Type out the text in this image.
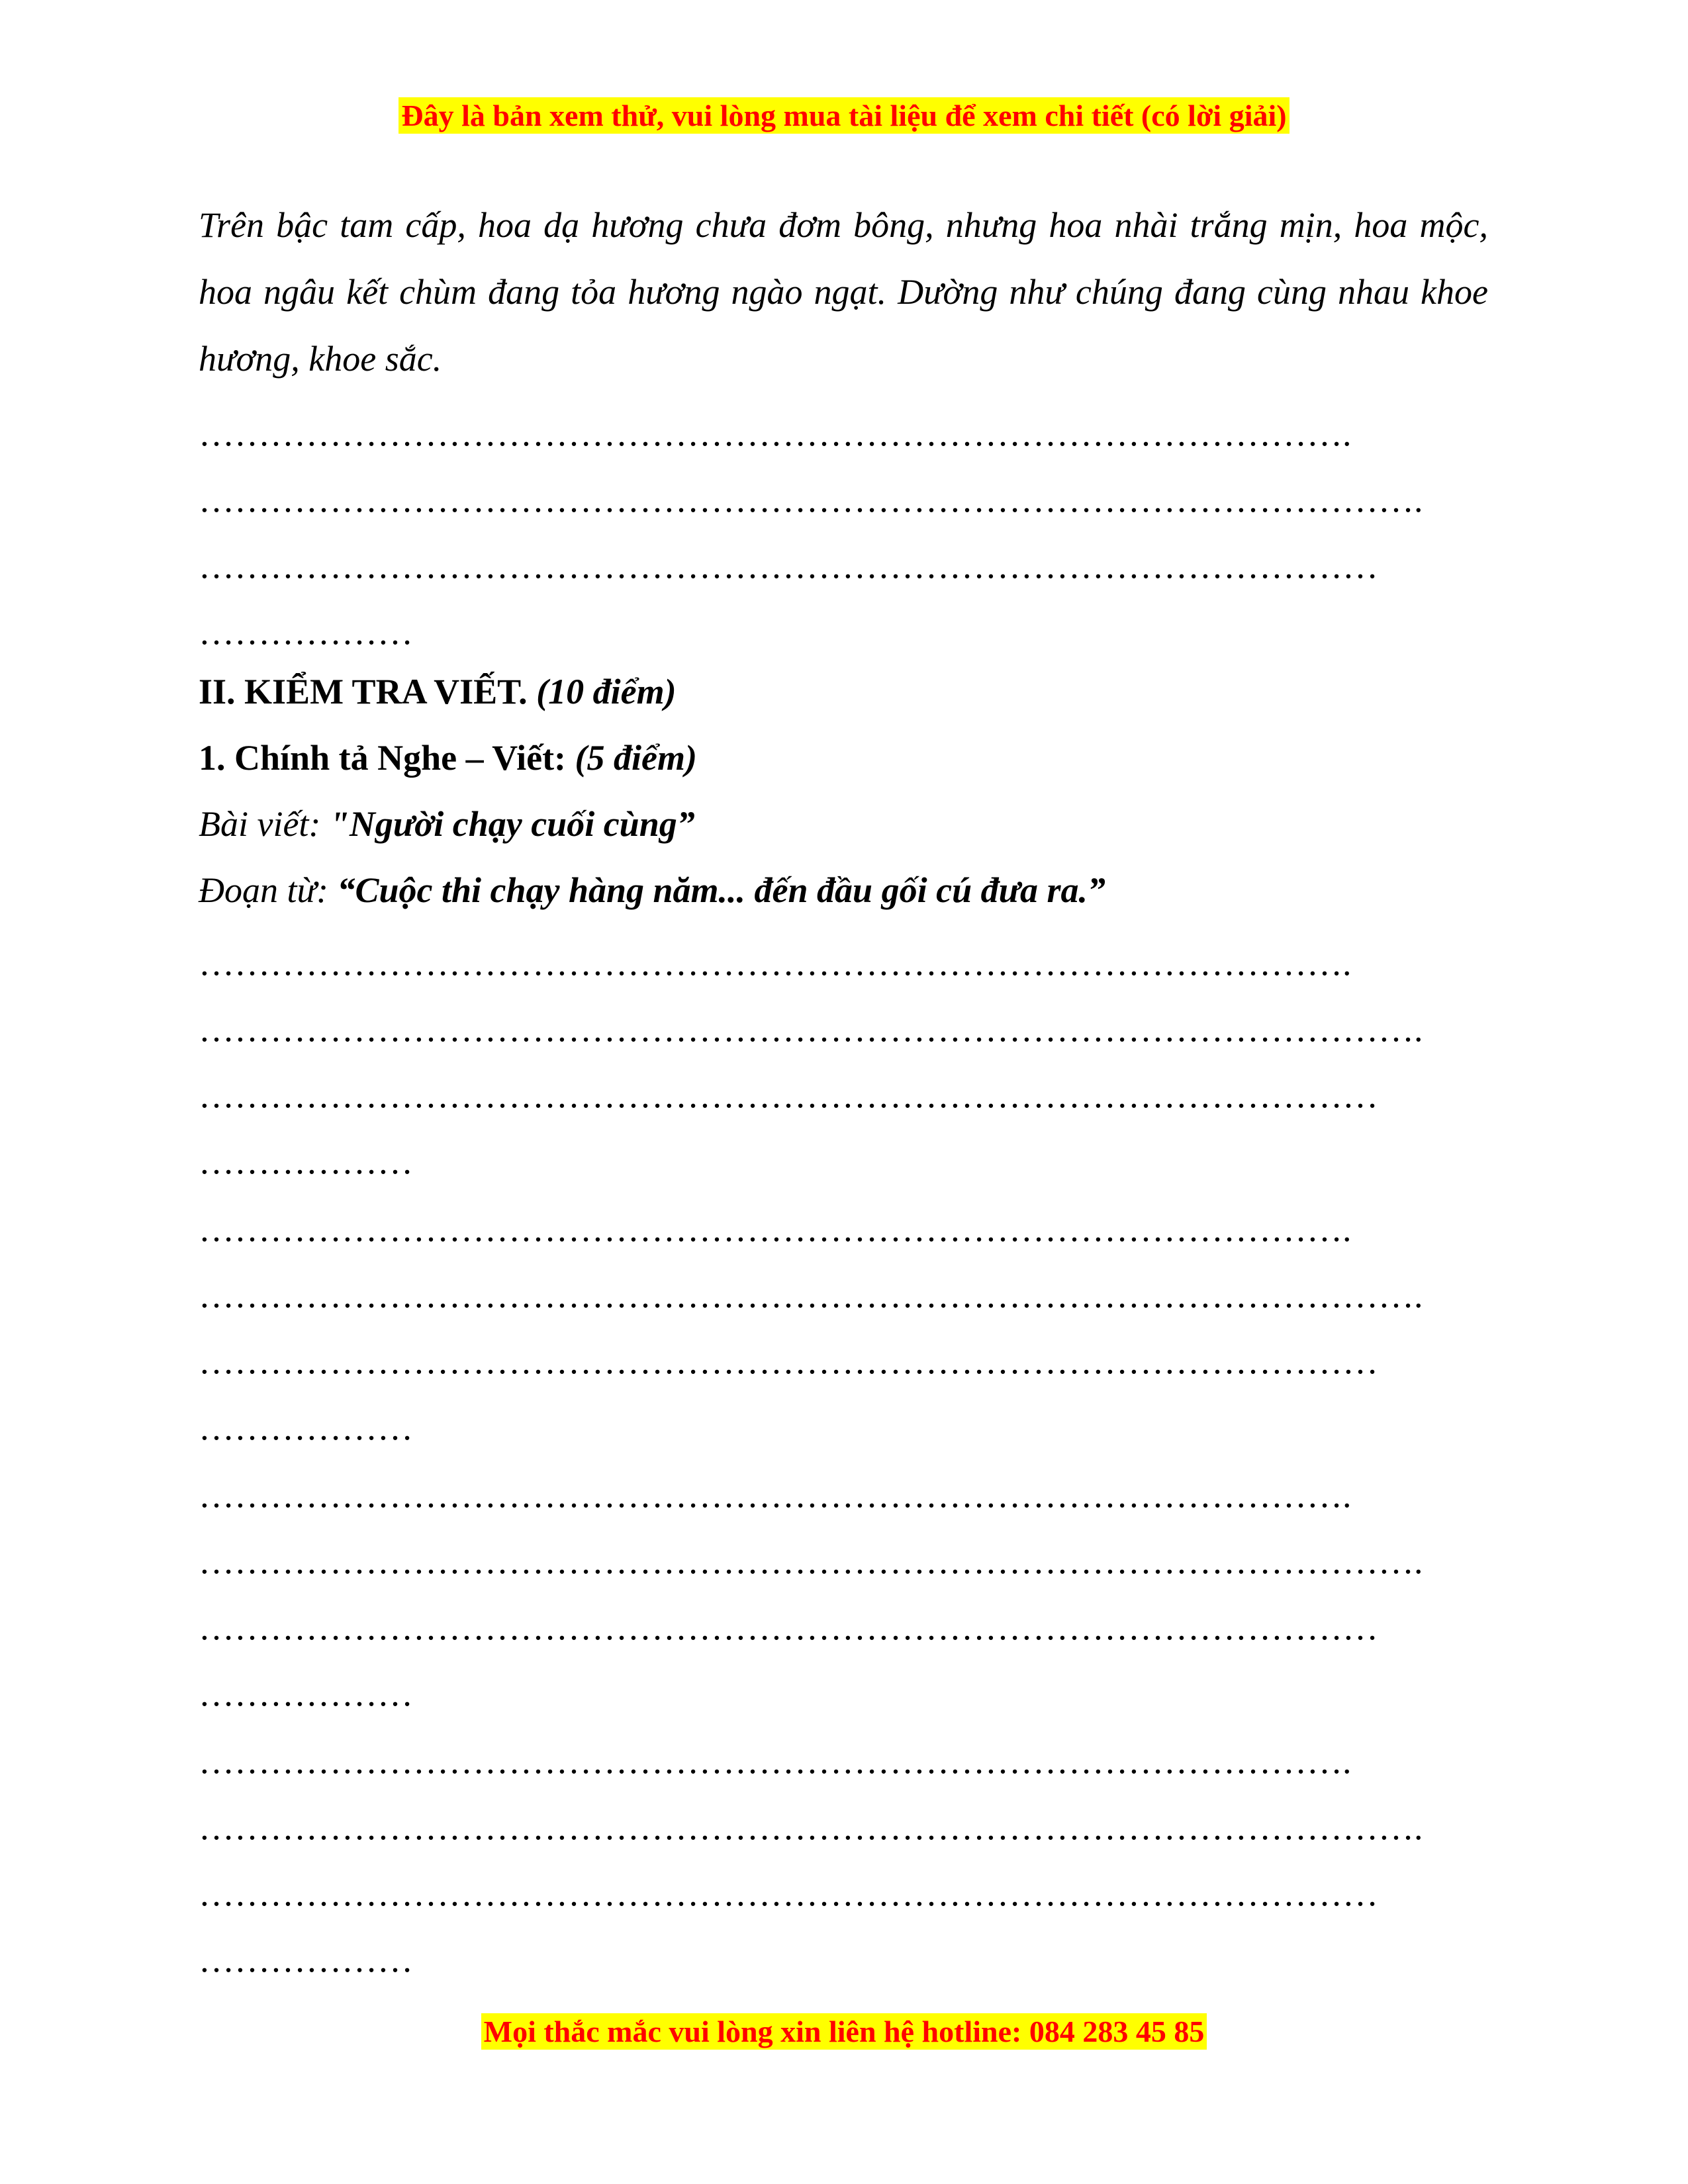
Đây là bản xem thử, vui lòng mua tài liệu để xem chi tiết (có lời giải)
Trên bậc tam cấp, hoa dạ hương chưa đơm bông, nhưng hoa nhài trắng mịn, hoa mộc, hoa ngâu kết chùm đang tỏa hương ngào ngạt. Dường như chúng đang cùng nhau khoe hương, khoe sắc.
…………………………………………………………………………………….
………………………………………………………………………………………….
………………………………………………………………………………………
………………
II. KIỂM TRA VIẾT. (10 điểm)
1. Chính tả Nghe – Viết: (5 điểm)
Bài viết: "Người chạy cuối cùng”
Đoạn từ: “Cuộc thi chạy hàng năm... đến đầu gối cú đưa ra.”
…………………………………………………………………………………….
………………………………………………………………………………………….
………………………………………………………………………………………
………………
…………………………………………………………………………………….
………………………………………………………………………………………….
………………………………………………………………………………………
………………
…………………………………………………………………………………….
………………………………………………………………………………………….
………………………………………………………………………………………
………………
…………………………………………………………………………………….
………………………………………………………………………………………….
………………………………………………………………………………………
………………
Mọi thắc mắc vui lòng xin liên hệ hotline: 084 283 45 85
